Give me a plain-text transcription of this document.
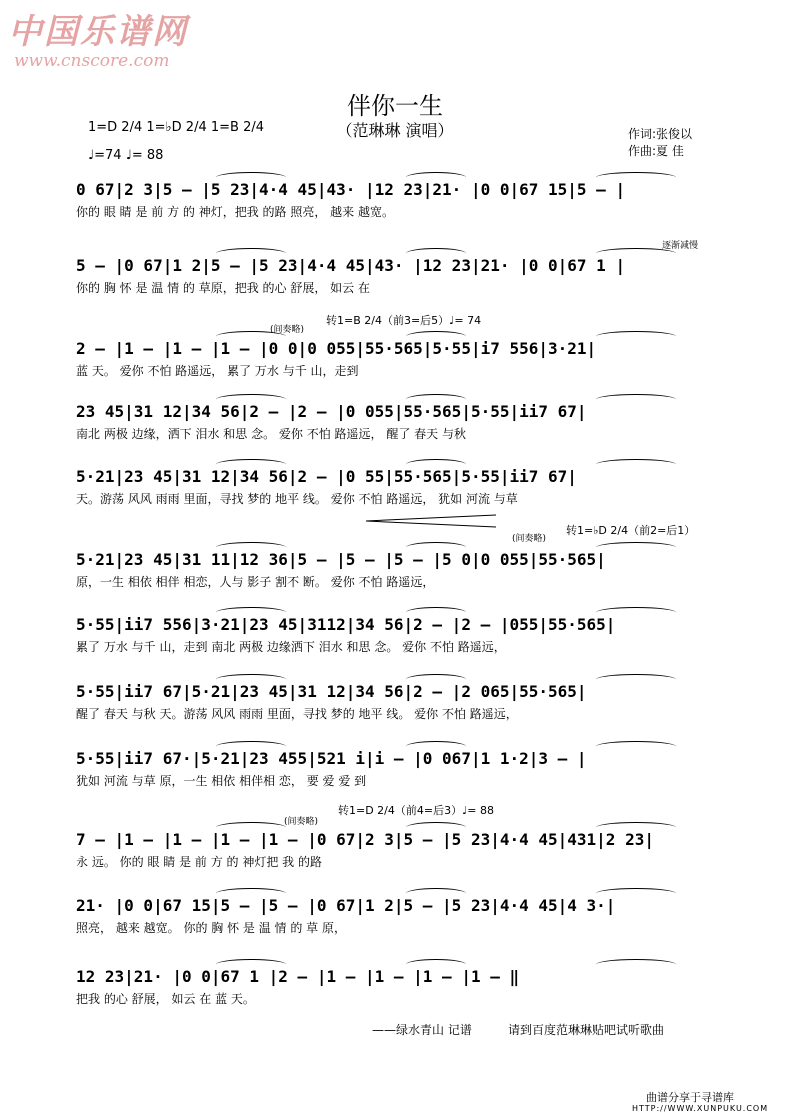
中国乐谱网
www.cnscore.com
伴你一生
（范琳琳 演唱）
1=D 2/4 1=♭D 2/4 1=B 2/4
♩=74 ♩= 88
作词:张俊以
作曲:夏 佳
逐渐减慢
转1=B 2/4（前3=后5）♩= 74
(间奏略)
(间奏略)
转1=♭D 2/4（前2=后1）
(间奏略)
转1=D 2/4（前4=后3）♩= 88
0 67|2 3|5 – |5 23|4·4 45|43· |12 23|21· |0 0|67 15|5 – |
你的 眼 睛 是 前 方 的 神灯，把我 的路 照亮， 越来 越宽。
5 – |0 67|1 2|5 – |5 23|4·4 45|43· |12 23|21· |0 0|67 1 |
你的 胸 怀 是 温 情 的 草原，把我 的心 舒展， 如云 在
2 – |1 – |1 – |1 – |0 0|0 055|55·565|5·55|i7 556|3·21|
蓝 天。 爱你 不怕 路遥远， 累了 万水 与千 山，走到
23 45|31 12|34 56|2 – |2 – |0 055|55·565|5·55|ii7 67|
南北 两极 边缘，洒下 泪水 和思 念。 爱你 不怕 路遥远， 醒了 春天 与秋
5·21|23 45|31 12|34 56|2 – |0 55|55·565|5·55|ii7 67|
天。游荡 风风 雨雨 里面，寻找 梦的 地平 线。 爱你 不怕 路遥远， 犹如 河流 与草
5·21|23 45|31 11|12 36|5 – |5 – |5 – |5 0|0 055|55·565|
原，一生 相依 相伴 相恋，人与 影子 割不 断。 爱你 不怕 路遥远，
5·55|ii7 556|3·21|23 45|3112|34 56|2 – |2 – |055|55·565|
累了 万水 与千 山，走到 南北 两极 边缘洒下 泪水 和思 念。 爱你 不怕 路遥远，
5·55|ii7 67|5·21|23 45|31 12|34 56|2 – |2 065|55·565|
醒了 春天 与秋 天。游荡 风风 雨雨 里面，寻找 梦的 地平 线。 爱你 不怕 路遥远，
5·55|ii7 67·|5·21|23 455|521 i|i – |0 067|1 1·2|3 – |
犹如 河流 与草 原，一生 相依 相伴相 恋， 要 爱 爱 到
7 – |1 – |1 – |1 – |1 – |0 67|2 3|5 – |5 23|4·4 45|431|2 23|
永 远。 你的 眼 睛 是 前 方 的 神灯把 我 的路
21· |0 0|67 15|5 – |5 – |0 67|1 2|5 – |5 23|4·4 45|4 3·|
照亮， 越来 越宽。 你的 胸 怀 是 温 情 的 草 原，
12 23|21· |0 0|67 1 |2 – |1 – |1 – |1 – |1 – ‖
把我 的心 舒展， 如云 在 蓝 天。
——绿水青山 记谱	请到百度范琳琳贴吧试听歌曲
曲谱分享于寻谱库
HTTP://WWW.XUNPUKU.COM
